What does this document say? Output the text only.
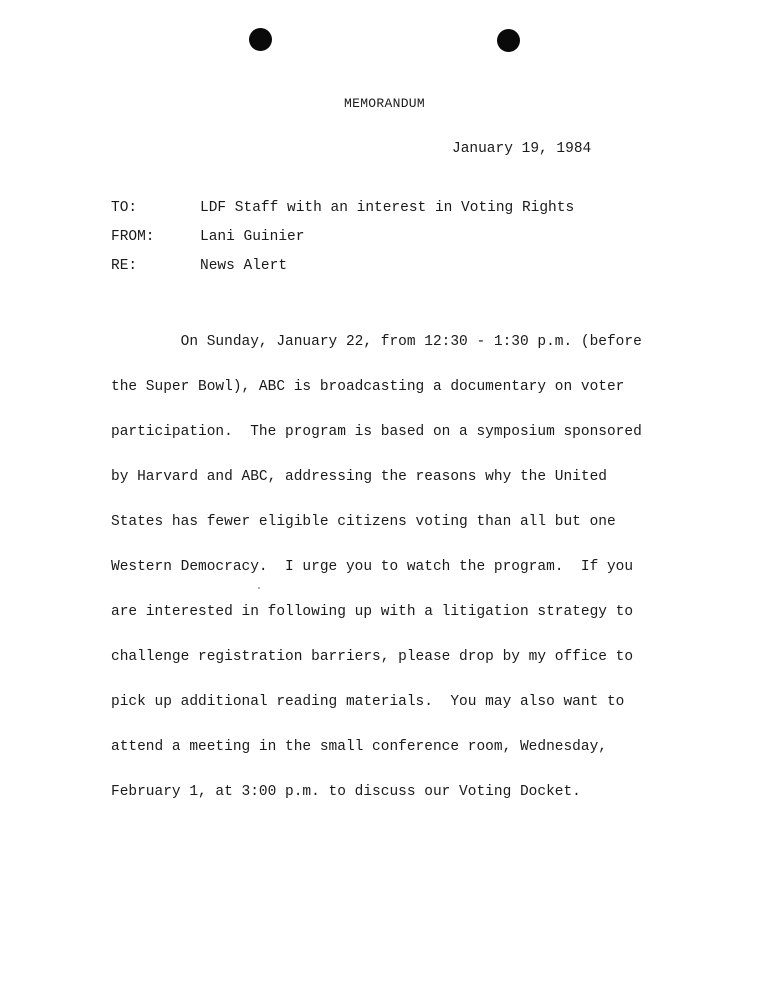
MEMORANDUM
January 19, 1984
TO:	LDF Staff with an interest in Voting Rights
FROM:	Lani Guinier
RE:	News Alert

On Sunday, January 22, from 12:30 - 1:30 p.m. (before

the Super Bowl), ABC is broadcasting a documentary on voter

participation.  The program is based on a symposium sponsored

by Harvard and ABC, addressing the reasons why the United

States has fewer eligible citizens voting than all but one

Western Democracy.  I urge you to watch the program.  If you

are interested in following up with a litigation strategy to

challenge registration barriers, please drop by my office to

pick up additional reading materials.  You may also want to

attend a meeting in the small conference room, Wednesday,

February 1, at 3:00 p.m. to discuss our Voting Docket.
